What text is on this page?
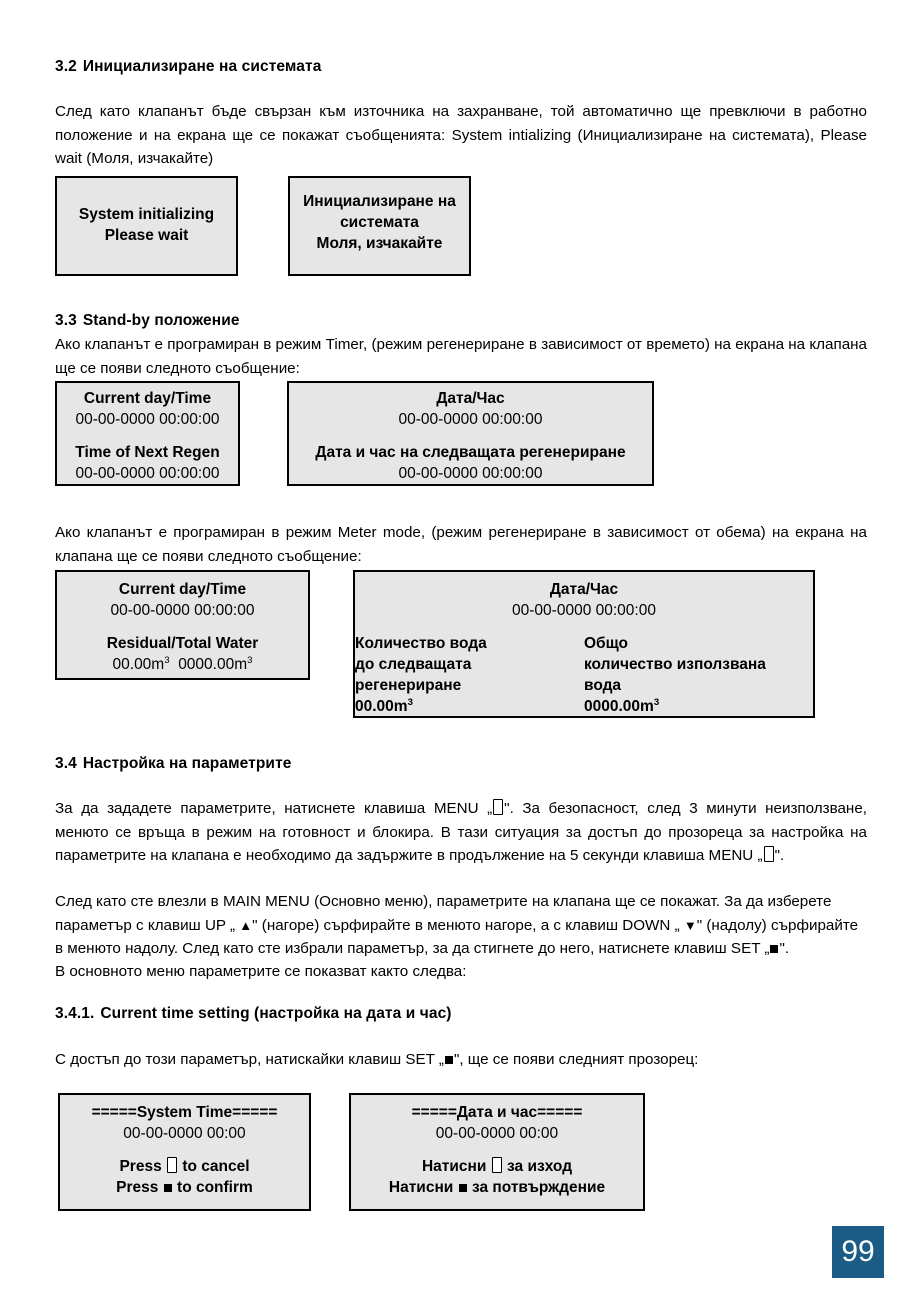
3.2 Инициализиране на системата
След като клапанът бъде свързан към източника на захранване, той автоматично ще превключи в работно положение и на екрана ще се покажат съобщенията: System intializing (Инициализиране на системата), Please wait (Моля, изчакайте)
System initializing
Please wait
Инициализиране на
системата
Моля, изчакайте
3.3 Stand-by положение
Ако клапанът е програмиран в режим Timer, (режим регенериране в зависимост от времето) на екрана на клапана ще се появи следното съобщение:
Current day/Time
00-00-0000 00:00:00
Time of Next Regen
00-00-0000 00:00:00
Дата/Час
00-00-0000 00:00:00
Дата и час на следващата регенериране
00-00-0000 00:00:00
Ако клапанът е програмиран в режим Meter mode, (режим регенериране в зависимост от обема) на екрана на клапана ще се появи следното съобщение:
Current day/Time
00-00-0000 00:00:00
Residual/Total Water
$00.00m^3$ $0000.00m^3$
Дата/Час
00-00-0000 00:00:00
Количество вода
до следващата
регенериране
$00.00m^3$
Общо
количество използвана
вода
$0000.00m^3$
3.4 Настройка на параметрите
За да зададете параметрите, натиснете клавиша MENU „ ". За безопасност, след 3 минути неизползване, менюто се връща в режим на готовност и блокира. В тази ситуация за достъп до прозореца за настройка на параметрите на клапана е необходимо да задържите в продължение на 5 секунди клавиша MENU „ ".
След като сте влезли в MAIN MENU (Основно меню), параметрите на клапана ще се покажат. За да изберете параметър с клавиш UP „ ▲" (нагоре) сърфирайте в менюто нагоре, а с клавиш DOWN „ ▼" (надолу) сърфирайте в менюто надолу. След като сте избрали параметър, за да стигнете до него, натиснете клавиш SET „ ".
В основното меню параметрите се показват както следва:
3.4.1. Current time setting (настройка на дата и час)
С достъп до този параметър, натискайки клавиш SET „ ", ще се появи следният прозорец:
=====System Time=====
00-00-0000 00:00
Press to cancel
Press to confirm
=====Дата и час=====
00-00-0000 00:00
Натисни за изход
Натисни за потвърждение
99
